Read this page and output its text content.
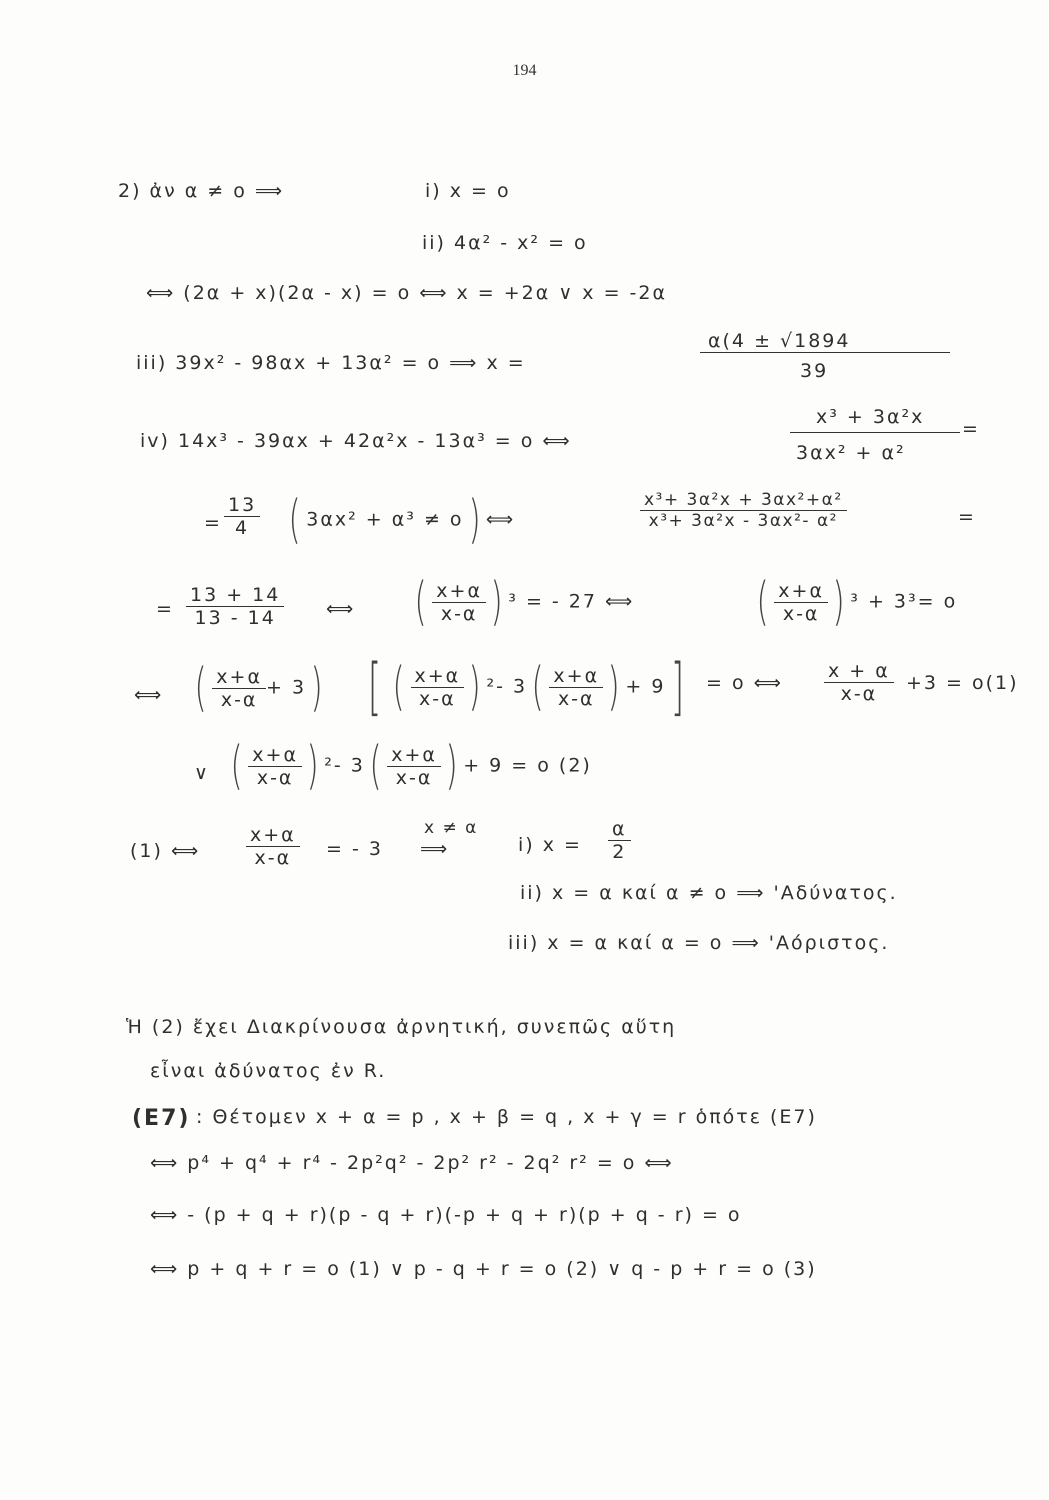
194
2) ἀν α ≠ ο ⟹	i) x = o
ii) 4α² - x² = o
⟺ (2α + x)(2α - x) = o ⟺ x = +2α ∨ x = -2α
iii) 39x² - 98αx + 13α² = o ⟹ x =
α(4 ± √1894
39
iv) 14x³ - 39αx + 42α²x - 13α³ = o ⟺
x³ + 3α²x
3αx² + α²
=
= $\frac{13}{4}$ ( 3αx² + α³ ≠ o) ⟺	$\frac{\text{x³+ 3α²x + 3αx²+α²}}{\text{x³+ 3α²x - 3αx²- α²}}$	=
= $\frac{13 + 14}{13 - 14}$ ⟺ ( $\frac{x+\alpha}{x-\alpha}$ ) ³ = - 27 ⟺ ( $\frac{x+\alpha}{x-\alpha}$ ) ³ + 3³= o
⟺ ( $\frac{x+\alpha}{x-\alpha} + 3$) [ ( $\frac{x+\alpha}{x-\alpha}$ ) ²- $3( \frac{x+\alpha}{x-\alpha}$ ) + 9]	= o ⟺ $\frac{x + \alpha}{x-\alpha} +3 = o(1)$
∨ ( $\frac{x+\alpha}{x-\alpha}$ ) ²- $3( \frac{x+\alpha}{x-\alpha}$ ) + 9 = o (2)
(1) ⟺ $\frac{x+\alpha}{x-\alpha}$ = - 3
x ≠ α
⟹	i) $x = \frac{\alpha}{2}$
ii) x = α καί α ≠ o ⟹ 'Αδύνατος.
iii) x = α καί α = o ⟹ 'Αόριστος.
Ἡ (2) ἔχει Διακρίνουσα ἀρνητική, συνεπῶς αὕτη
εἶναι ἀδύνατος ἐν R.
(E7) : Θέτομεν x + α = p , x + β = q , x + γ = r ὁπότε (E7)
⟺ p⁴ + q⁴ + r⁴ - 2p²q² - 2p² r² - 2q² r² = o ⟺
⟺ - (p + q + r)(p - q + r)(-p + q + r)(p + q - r) = o
⟺ p + q + r = o (1) ∨ p - q + r = o (2) ∨ q - p + r = o (3)
